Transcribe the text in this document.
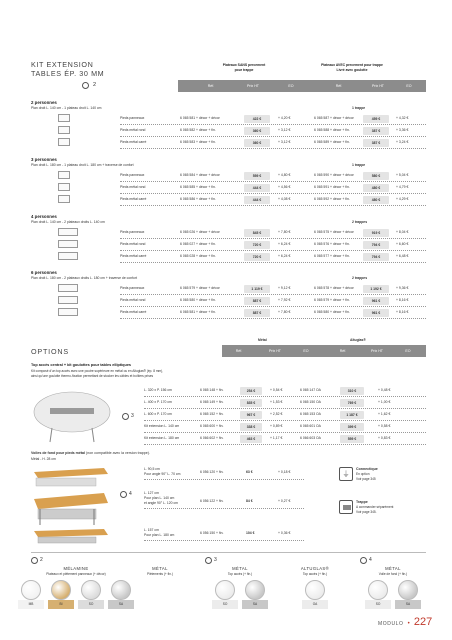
KIT EXTENSION
TABLES ÉP. 30 MM
2
Plateaux SANS percement
pour trappe
Plateaux AVEC percement pour trappe
Livré avec goulotte
Réf.	Prix HT	EO	Réf.	Prix HT	EO
2 personnes
Plan droit L. 140 cm - 1 plateau droit L. 140 cm	1 trappe
Pieds panneaux	6 065 581 + décor + décor	422 €	+ 4,20 €	6 065 587 + décor + décor	459 €	+ 4,32 €
Pieds métal rond	6 065 582 + décor + fin.	360 €	+ 3,12 €	6 065 588 + décor + fin.	387 €	+ 3,36 €
Pieds métal carré	6 065 583 + décor + fin.	360 €	+ 3,12 €	6 065 589 + décor + fin.	387 €	+ 3,24 €
3 personnes
Plan droit L. 180 cm - 1 plateau droit L. 180 cm + traverse de confort	1 trappe
Pieds panneaux	6 065 584 + décor + décor	559 €	+ 4,80 €	6 065 590 + décor + décor	580 €	+ 5,04 €
Pieds métal rond	6 065 585 + décor + fin.	444 €	+ 4,56 €	6 065 591 + décor + fin.	480 €	+ 4,79 €
Pieds métal carré	6 065 586 + décor + fin.	444 €	+ 4,08 €	6 065 592 + décor + fin.	480 €	+ 4,29 €
4 personnes
Plan droit L. 140 cm - 2 plateaux droits L. 140 cm	2 trappes
Pieds panneaux	6 065 026 + décor + décor	845 €	+ 7,80 €	6 065 575 + décor + décor	919 €	+ 8,04 €
Pieds métal rond	6 065 027 + décor + fin.	720 €	+ 6,24 €	6 065 576 + décor + fin.	794 €	+ 6,60 €
Pieds métal carré	6 065 028 + décor + fin.	720 €	+ 6,24 €	6 065 577 + décor + fin.	794 €	+ 6,48 €
6 personnes
Plan droit L. 180 cm - 2 plateaux droits L. 180 cm + traverse de confort	2 trappes
Pieds panneaux	6 065 579 + décor + décor	1 119 €	+ 9,12 €	6 065 578 + décor + décor	1 192 €	+ 9,36 €
Pieds métal rond	6 065 580 + décor + fin.	887 €	+ 7,92 €	6 065 579 + décor + fin.	961 €	+ 8,16 €
Pieds métal carré	6 065 581 + décor + fin.	887 €	+ 7,80 €	6 065 580 + décor + fin.	961 €	+ 8,16 €
OPTIONS
Métal	Altuglas®
Réf.	Prix HT	EO	Réf.	Prix HT	EO
Top accès central + kit goulottes pour tables elliptiques
Kit composé d'un top accès avec une poutre supérieure en métal ou en Altuglas® (ép. 8 mm),
ainsi qu'une goulotte thermo-fixation permettant de stocker les câbles et boîtiers prises
3
L. 320 x P. 156 cm	6 065 148 + fin.	254 €	+ 0,54 €	6 065 147 OA	310 €	+ 0,48 €
L. 400 x P. 170 cm	6 065 149 + fin.	835 €	+ 1,53 €	6 065 150 OA	769 €	+ 1,00 €
L. 600 x P. 170 cm	6 065 152 + fin.	967 €	+ 2,52 €	6 065 153 OA	1 187 €	+ 1,62 €
Kit extension L. 140 cm	6 065 600 + fin.	338 €	+ 0,89 €	6 065 601 OA	399 €	+ 0,58 €
Kit extension L. 180 cm	6 066 602 + fin.	463 €	+ 1,17 €	6 066 603 OA	559 €	+ 0,83 €
Voiles de fond pour pieds métal (non compatible avec la version trappe).
Métal - H. 28 cm
4
L. 90,5 cm
Pour angle 90° L. 70 cm	6 056 120 + fin.	63 €	+ 0,18 €
L. 127 cm
Pour plan L. 140 cm
et angle 90° L. 120 cm	6 056 122 + fin.	84 €	+ 0,27 €
L. 157 cm
Pour plan L. 180 cm	6 056 150 + fin.	104 €	+ 0,36 €
⏚
Connectique
En option
Voir page 345
Trappe
A commander séparément
Voir page 345.
2
MÉLAMINE
Plateaux et piètement panneaux (+ décor)
MB	BI	SO	SA
MÉTAL
Piètements (+ fin.)
3
MÉTAL
Top accès (+ fin.)
SO	SA
ALTUGLAS®
Top accès (+ fin.)
OA
4
MÉTAL
Voile de fond (+ fin.)
SO	SA
MODULO • 227
